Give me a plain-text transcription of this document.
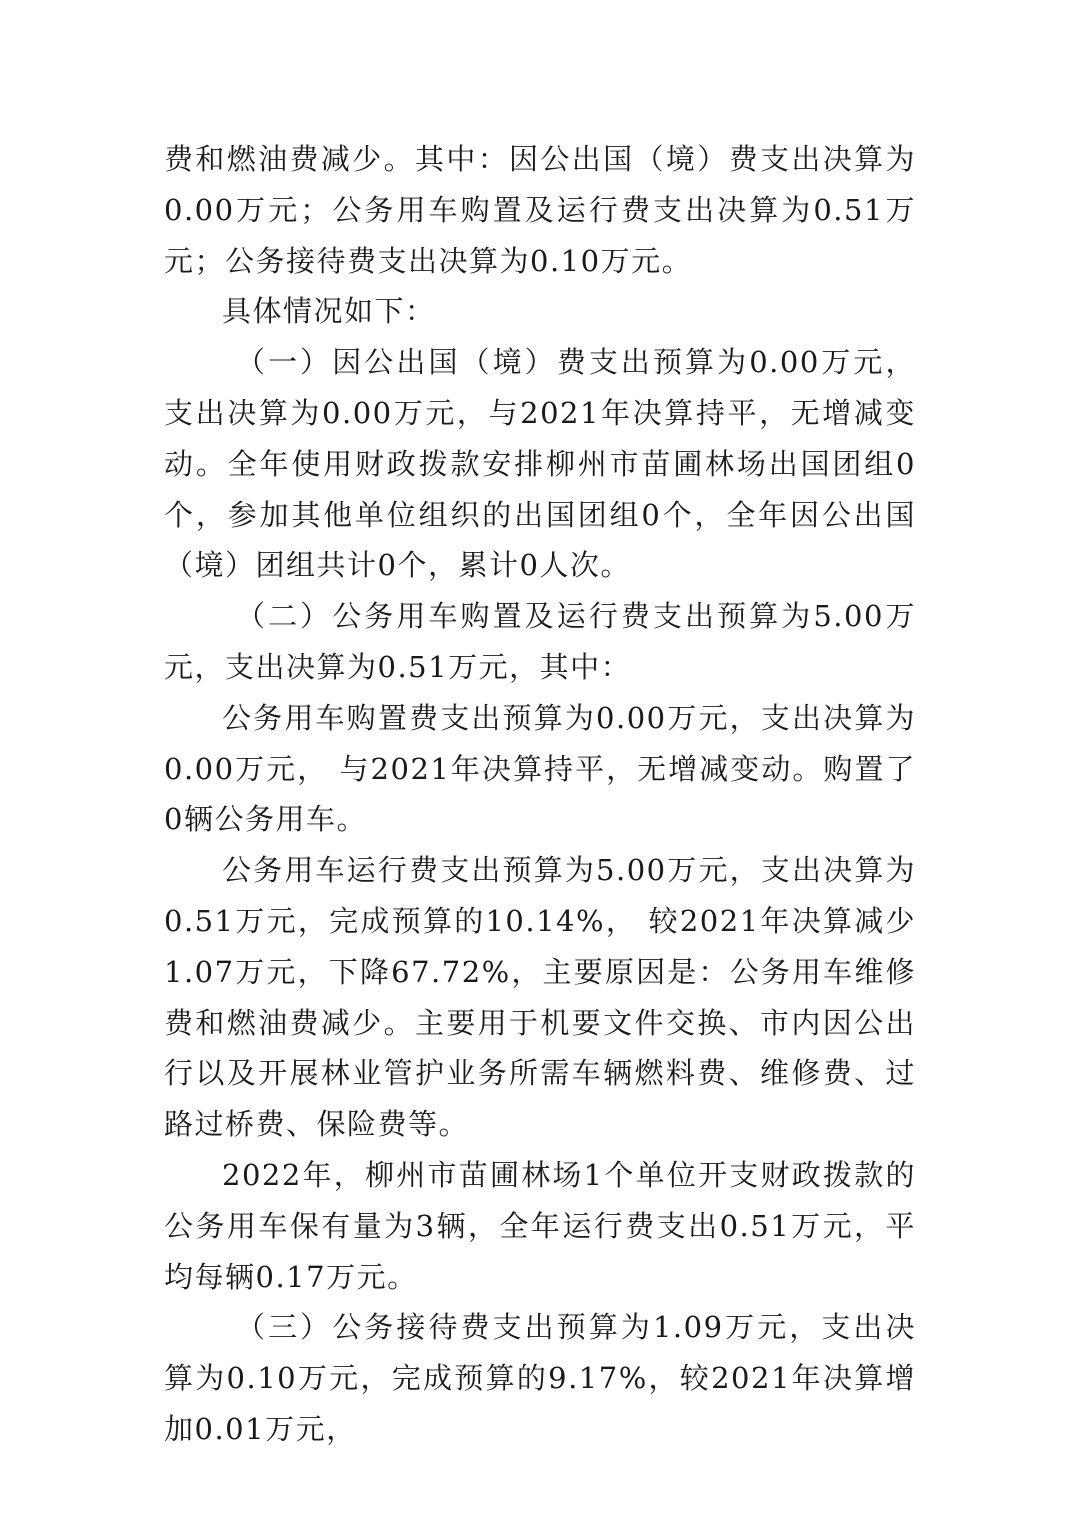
费和燃油费减少。其中：因公出国（境）费支出决算为0.00万元；公务用车购置及运行费支出决算为0.51万元；公务接待费支出决算为0.10万元。

具体情况如下：

（一）因公出国（境）费支出预算为0.00万元，支出决算为0.00万元，与2021年决算持平，无增减变动。全年使用财政拨款安排柳州市苗圃林场出国团组0个，参加其他单位组织的出国团组0个，全年因公出国（境）团组共计0个，累计0人次。

（二）公务用车购置及运行费支出预算为5.00万元，支出决算为0.51万元，其中：

公务用车购置费支出预算为0.00万元，支出决算为0.00万元， 与2021年决算持平，无增减变动。购置了0辆公务用车。

公务用车运行费支出预算为5.00万元，支出决算为0.51万元，完成预算的10.14%， 较2021年决算减少1.07万元，下降67.72%，主要原因是：公务用车维修费和燃油费减少。主要用于机要文件交换、市内因公出行以及开展林业管护业务所需车辆燃料费、维修费、过路过桥费、保险费等。

2022年，柳州市苗圃林场1个单位开支财政拨款的公务用车保有量为3辆，全年运行费支出0.51万元，平均每辆0.17万元。

（三）公务接待费支出预算为1.09万元，支出决算为0.10万元，完成预算的9.17%，较2021年决算增加0.01万元，
